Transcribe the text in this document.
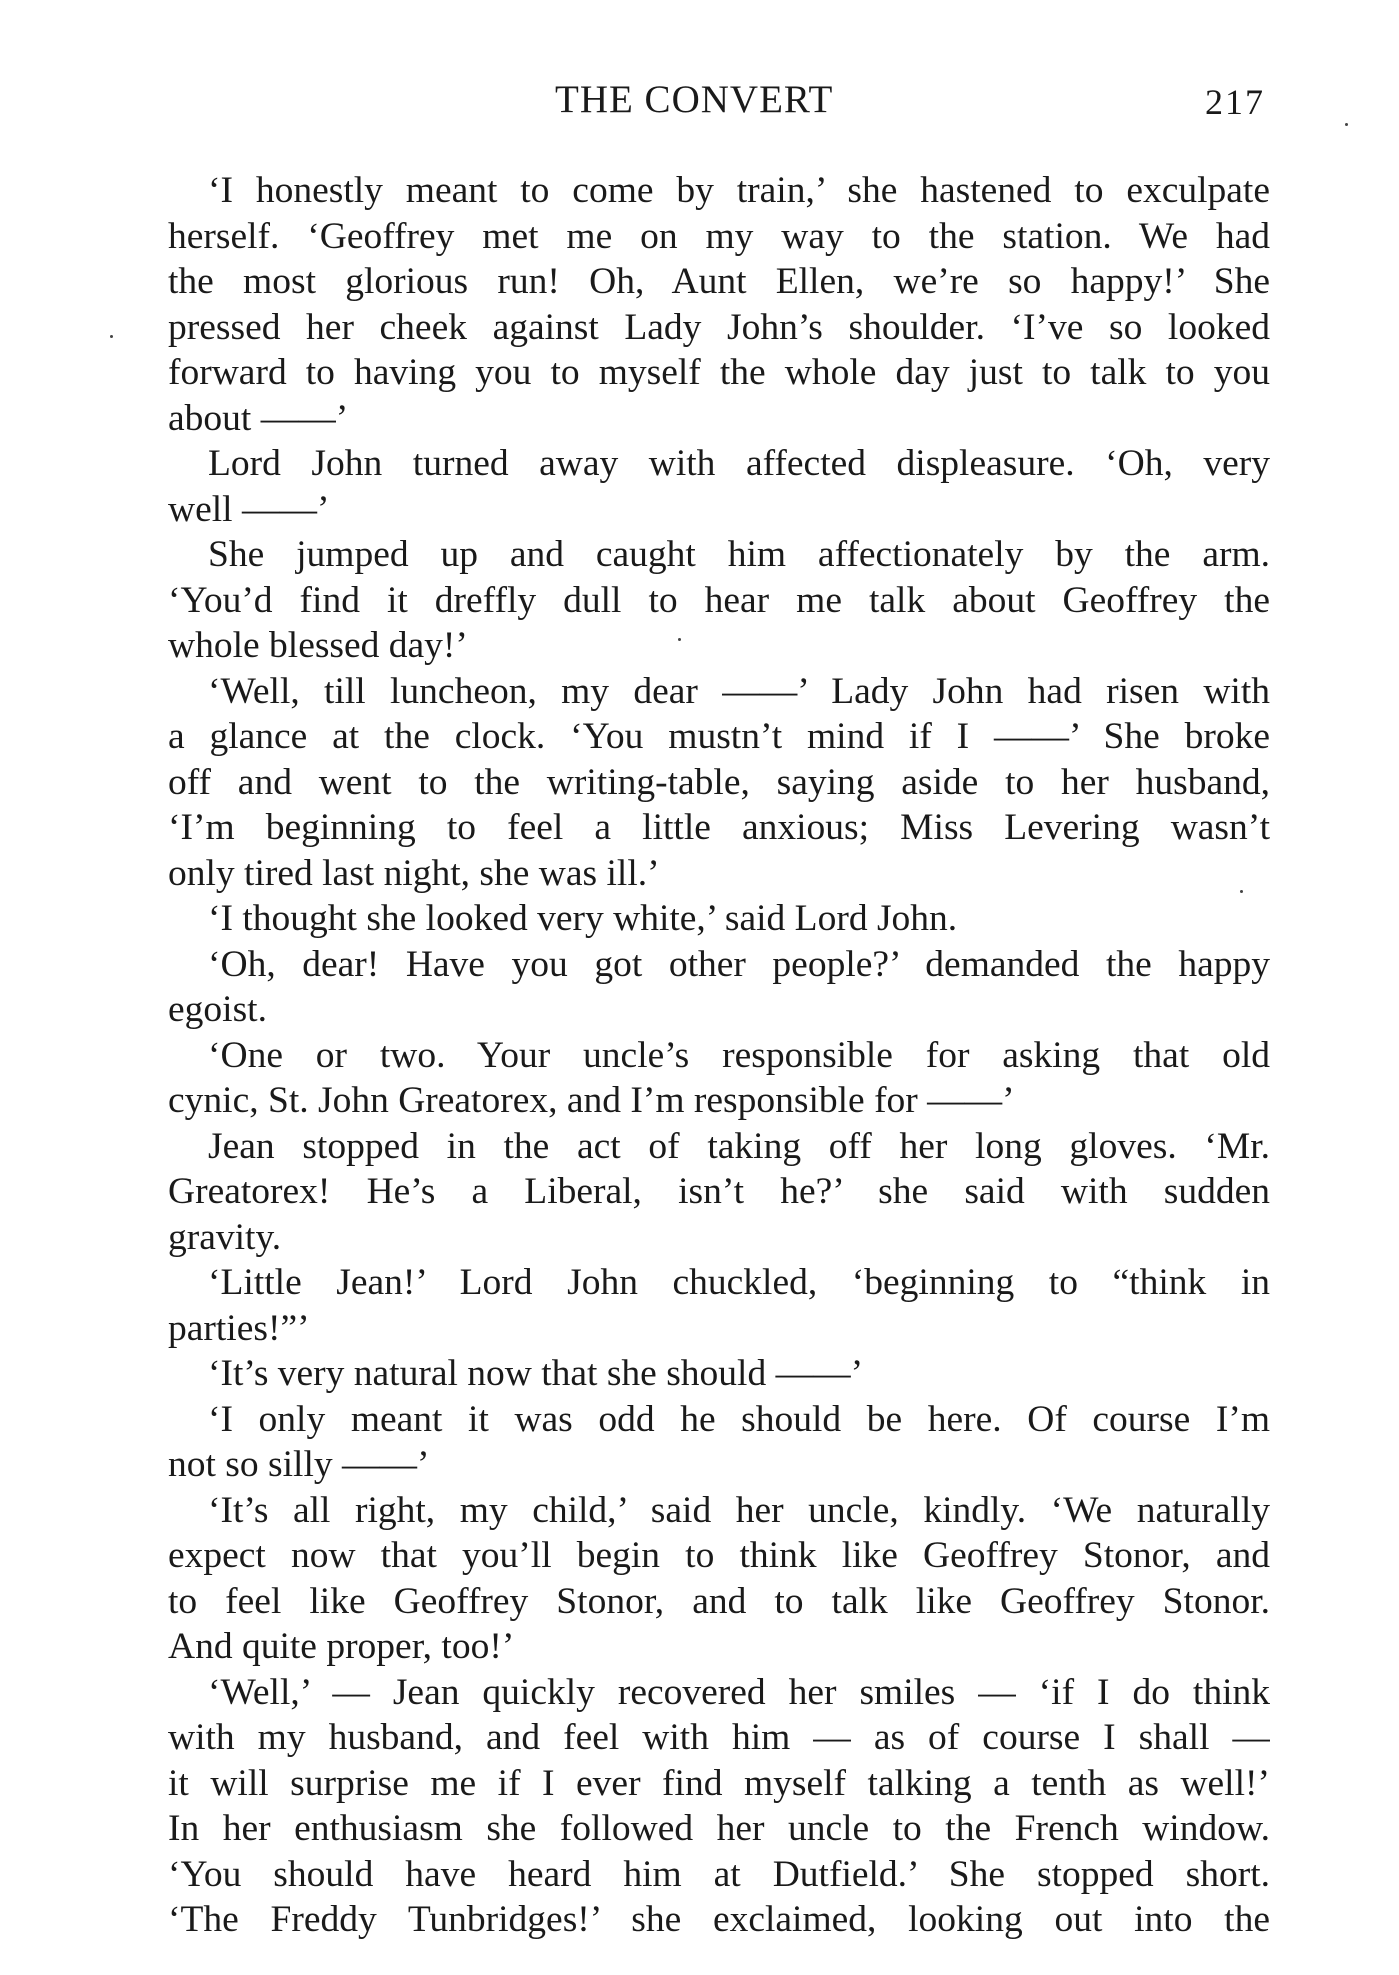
THE CONVERT	217
‘I honestly meant to come by train,’ she hastened to exculpate
herself. ‘Geoffrey met me on my way to the station. We had
the most glorious run! Oh, Aunt Ellen, we’re so happy!’ She
pressed her cheek against Lady John’s shoulder. ‘I’ve so looked
forward to having you to myself the whole day just to talk to you
about ——’
Lord John turned away with affected displeasure. ‘Oh, very
well ——’
She jumped up and caught him affectionately by the arm.
‘You’d find it dreffly dull to hear me talk about Geoffrey the
whole blessed day!’
‘Well, till luncheon, my dear ——’ Lady John had risen with
a glance at the clock. ‘You mustn’t mind if I ——’ She broke
off and went to the writing-table, saying aside to her husband,
‘I’m beginning to feel a little anxious; Miss Levering wasn’t
only tired last night, she was ill.’
‘I thought she looked very white,’ said Lord John.
‘Oh, dear! Have you got other people?’ demanded the happy
egoist.
‘One or two. Your uncle’s responsible for asking that old
cynic, St. John Greatorex, and I’m responsible for ——’
Jean stopped in the act of taking off her long gloves. ‘Mr.
Greatorex! He’s a Liberal, isn’t he?’ she said with sudden
gravity.
‘Little Jean!’ Lord John chuckled, ‘beginning to “think in
parties!”’
‘It’s very natural now that she should ——’
‘I only meant it was odd he should be here. Of course I’m
not so silly ——’
‘It’s all right, my child,’ said her uncle, kindly. ‘We naturally
expect now that you’ll begin to think like Geoffrey Stonor, and
to feel like Geoffrey Stonor, and to talk like Geoffrey Stonor.
And quite proper, too!’
‘Well,’ — Jean quickly recovered her smiles — ‘if I do think
with my husband, and feel with him — as of course I shall —
it will surprise me if I ever find myself talking a tenth as well!’
In her enthusiasm she followed her uncle to the French window.
‘You should have heard him at Dutfield.’ She stopped short.
‘The Freddy Tunbridges!’ she exclaimed, looking out into the
